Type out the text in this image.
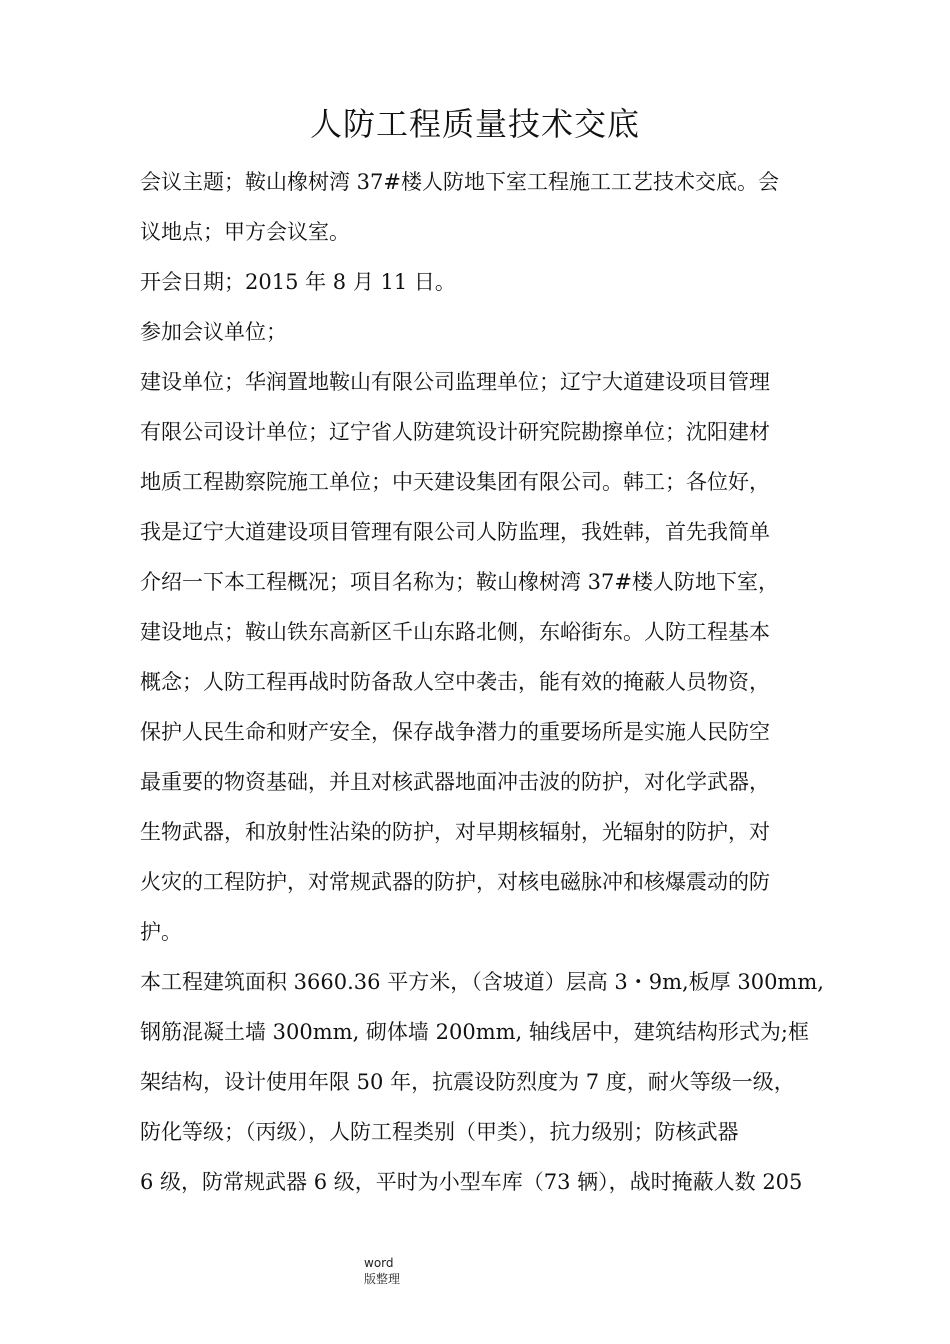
人防工程质量技术交底
会议主题；鞍山橡树湾 37#楼人防地下室工程施工工艺技术交底。会
议地点；甲方会议室。
开会日期；2015 年 8 月 11 日。
参加会议单位；
建设单位；华润置地鞍山有限公司监理单位；辽宁大道建设项目管理
有限公司设计单位；辽宁省人防建筑设计研究院勘擦单位；沈阳建材
地质工程勘察院施工单位；中天建设集团有限公司。韩工；各位好，
我是辽宁大道建设项目管理有限公司人防监理，我姓韩，首先我简单
介绍一下本工程概况；项目名称为；鞍山橡树湾 37#楼人防地下室，
建设地点；鞍山铁东高新区千山东路北侧，东峪街东。人防工程基本
概念；人防工程再战时防备敌人空中袭击，能有效的掩蔽人员物资，
保护人民生命和财产安全，保存战争潜力的重要场所是实施人民防空
最重要的物资基础，并且对核武器地面冲击波的防护，对化学武器，
生物武器，和放射性沾染的防护，对早期核辐射，光辐射的防护，对
火灾的工程防护，对常规武器的防护，对核电磁脉冲和核爆震动的防
护。
本工程建筑面积 3660.36 平方米，（含坡道）层高 3・9m,板厚 300mm,
钢筋混凝土墙 300mm, 砌体墙 200mm, 轴线居中，建筑结构形式为;框
架结构，设计使用年限 50 年，抗震设防烈度为 7 度，耐火等级一级，
防化等级；（丙级），人防工程类别（甲类），抗力级别；防核武器
6 级，防常规武器 6 级，平时为小型车库（73 辆），战时掩蔽人数 205
word
版整理
